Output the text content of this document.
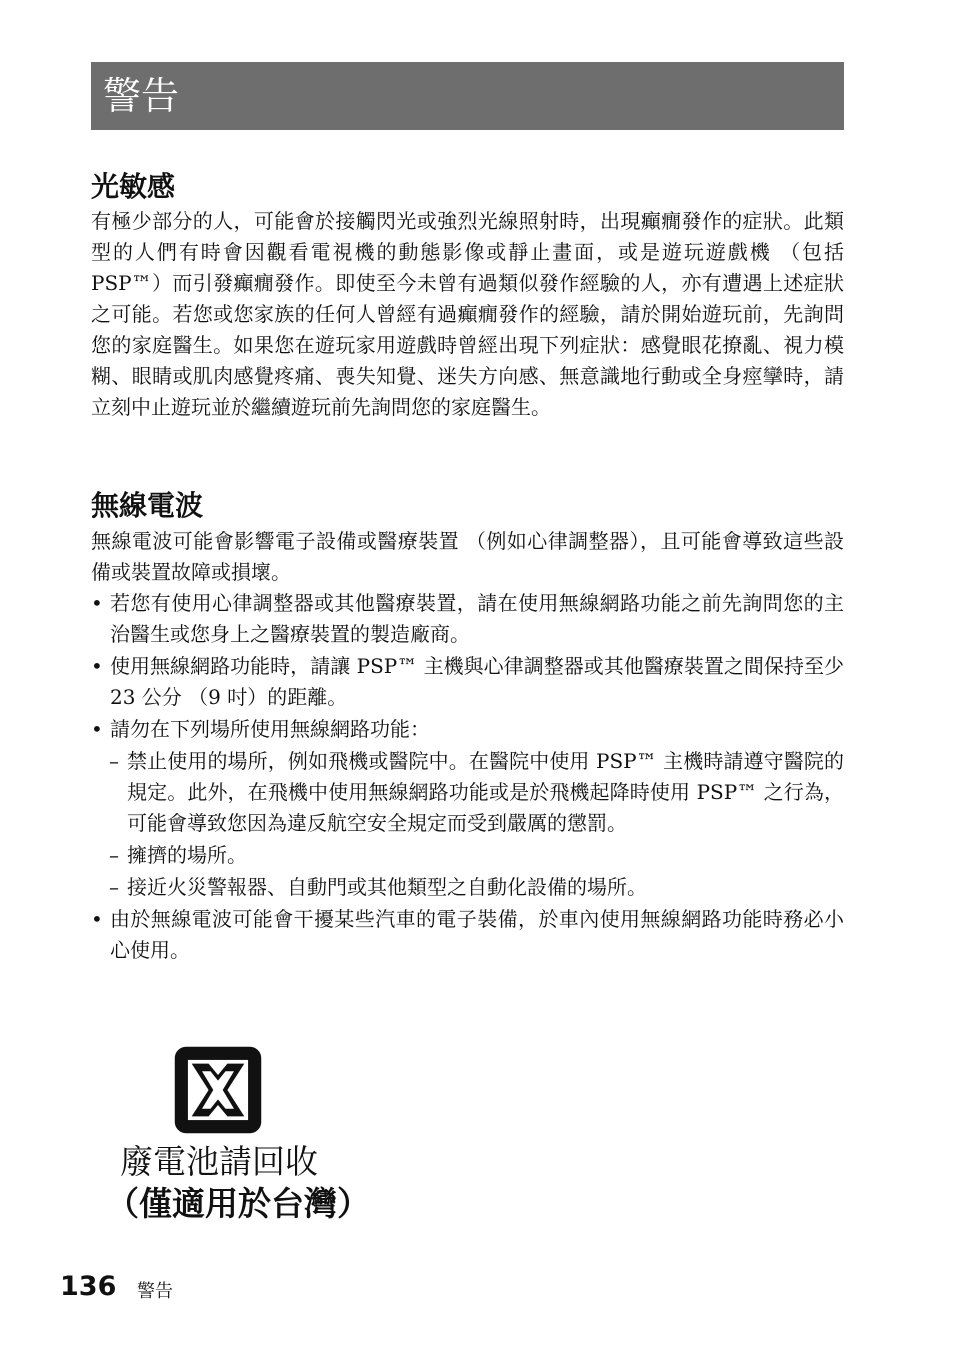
警告
光敏感

有極少部分的人，可能會於接觸閃光或強烈光線照射時，出現癲癇發作的症狀。此類型的人們有時會因觀看電視機的動態影像或靜止畫面，或是遊玩遊戲機 （包括 PSP™）而引發癲癇發作。即使至今未曾有過類似發作經驗的人，亦有遭遇上述症狀之可能。若您或您家族的任何人曾經有過癲癇發作的經驗，請於開始遊玩前，先詢問您的家庭醫生。如果您在遊玩家用遊戲時曾經出現下列症狀：感覺眼花撩亂、視力模糊、眼睛或肌肉感覺疼痛、喪失知覺、迷失方向感、無意識地行動或全身痙攣時，請立刻中止遊玩並於繼續遊玩前先詢問您的家庭醫生。

無線電波

無線電波可能會影響電子設備或醫療裝置 （例如心律調整器），且可能會導致這些設備或裝置故障或損壞。

• 若您有使用心律調整器或其他醫療裝置，請在使用無線網路功能之前先詢問您的主治醫生或您身上之醫療裝置的製造廠商。
• 使用無線網路功能時，請讓 PSP™ 主機與心律調整器或其他醫療裝置之間保持至少 23 公分 （9 吋）的距離。
• 請勿在下列場所使用無線網路功能：
– 禁止使用的場所，例如飛機或醫院中。在醫院中使用 PSP™ 主機時請遵守醫院的規定。此外，在飛機中使用無線網路功能或是於飛機起降時使用 PSP™ 之行為，可能會導致您因為違反航空安全規定而受到嚴厲的懲罰。
– 擁擠的場所。
– 接近火災警報器、自動門或其他類型之自動化設備的場所。
• 由於無線電波可能會干擾某些汽車的電子裝備，於車內使用無線網路功能時務必小心使用。
廢電池請回收
（僅適用於台灣）
136 警告
